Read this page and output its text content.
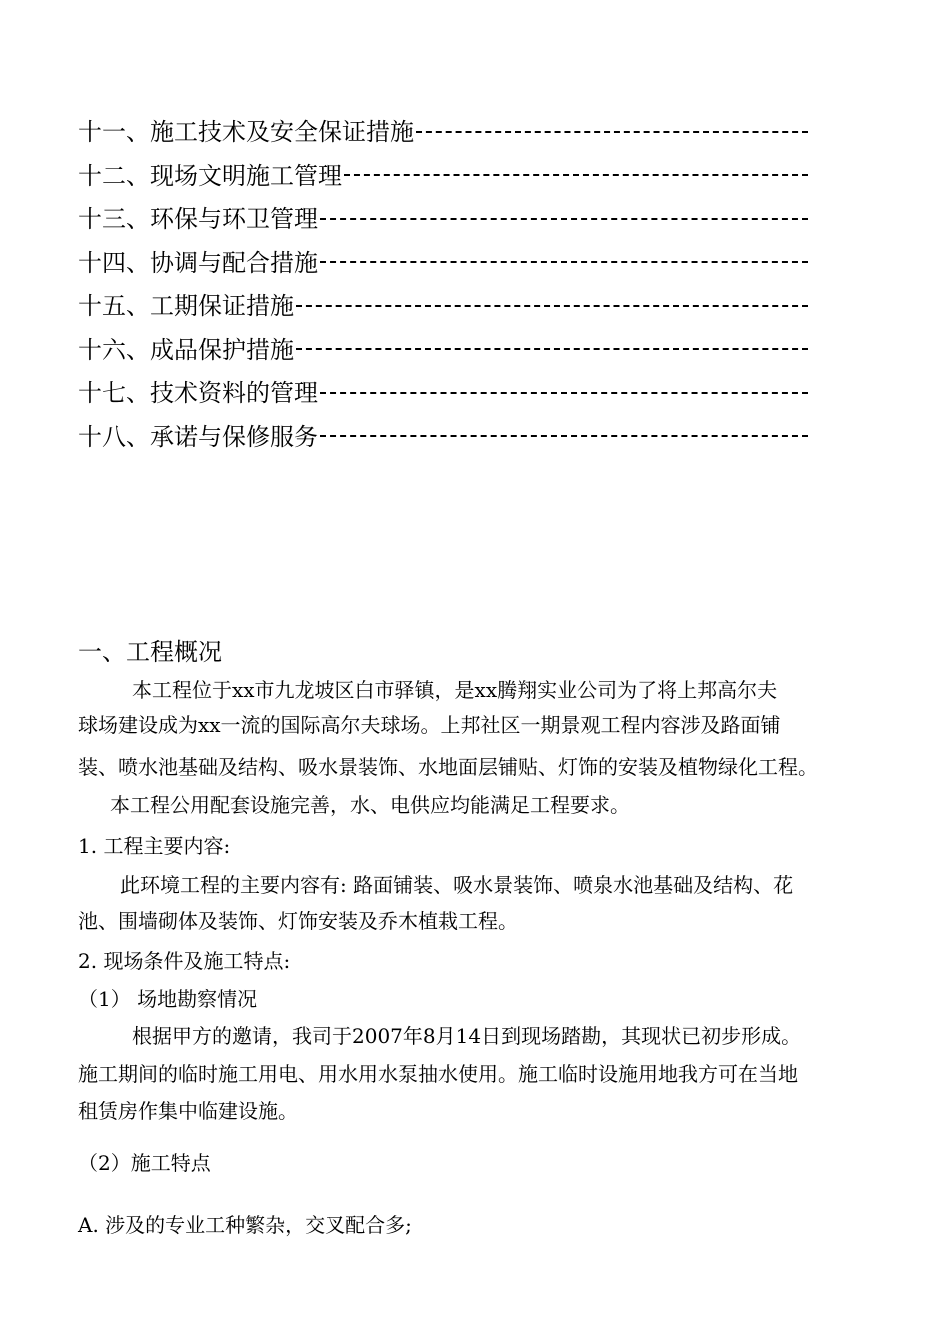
十一、施工技术及安全保证措施
十二、现场文明施工管理
十三、环保与环卫管理
十四、协调与配合措施
十五、工期保证措施
十六、成品保护措施
十七、技术资料的管理
十八、承诺与保修服务
一、工程概况
本工程位于xx市九龙坡区白市驿镇，是xx腾翔实业公司为了将上邦高尔夫
球场建设成为xx一流的国际高尔夫球场。上邦社区一期景观工程内容涉及路面铺
装、喷水池基础及结构、吸水景装饰、水地面层铺贴、灯饰的安装及植物绿化工程。
本工程公用配套设施完善，水、电供应均能满足工程要求。
1. 工程主要内容:
此环境工程的主要内容有: 路面铺装、吸水景装饰、喷泉水池基础及结构、花
池、围墙砌体及装饰、灯饰安装及乔木植栽工程。
2. 现场条件及施工特点:
（1） 场地勘察情况
根据甲方的邀请，我司于2007年8月14日到现场踏勘，其现状已初步形成。
施工期间的临时施工用电、用水用水泵抽水使用。施工临时设施用地我方可在当地
租赁房作集中临建设施。
（2）施工特点
A. 涉及的专业工种繁杂，交叉配合多;
